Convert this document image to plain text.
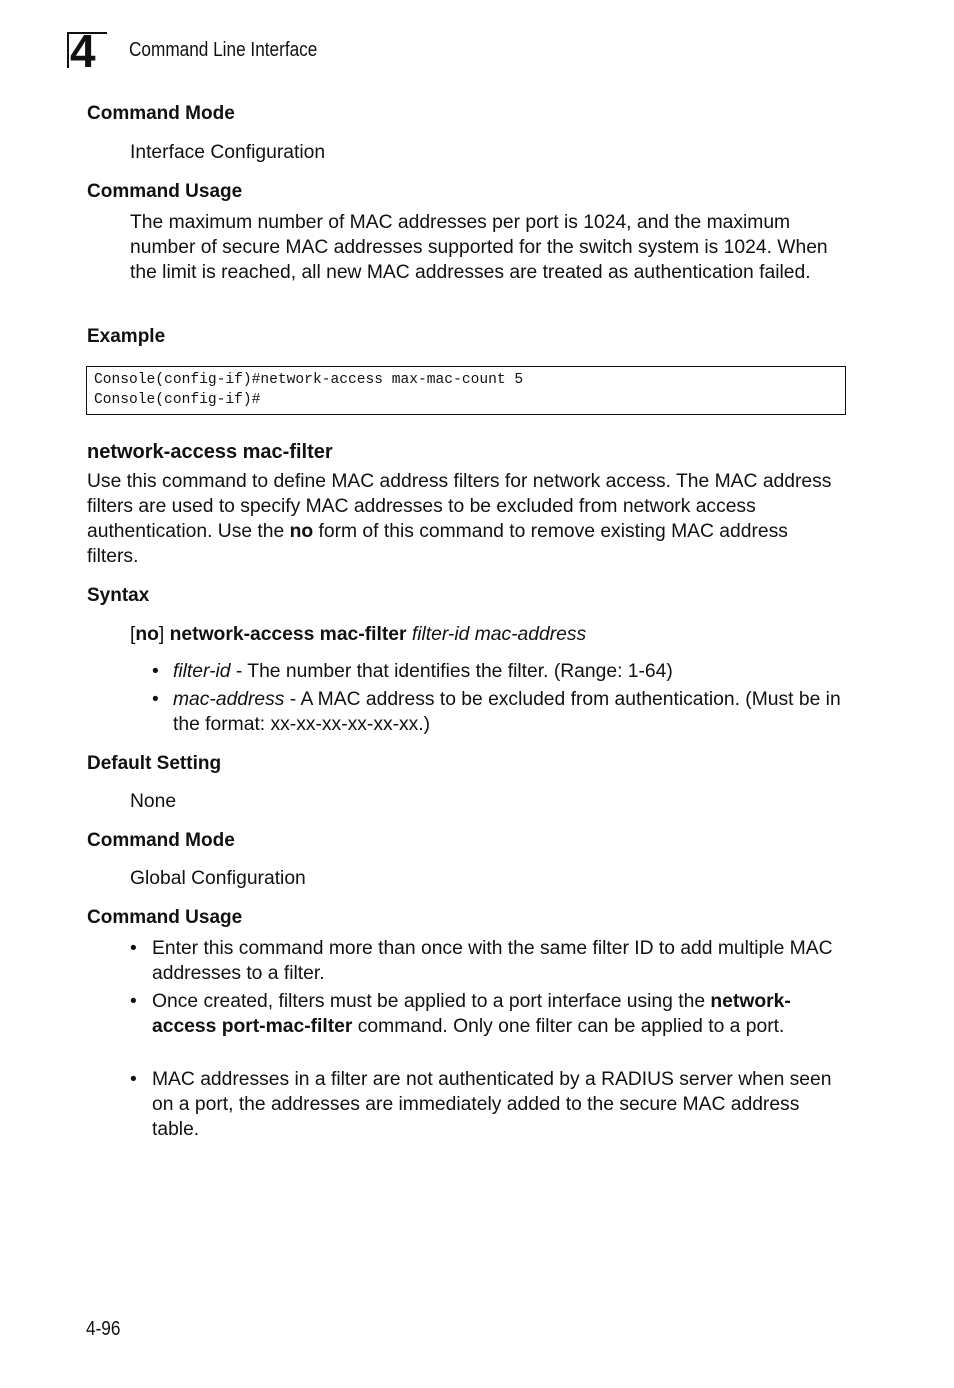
4 Command Line Interface
Command Mode
Interface Configuration
Command Usage
The maximum number of MAC addresses per port is 1024, and the maximum number of secure MAC addresses supported for the switch system is 1024. When the limit is reached, all new MAC addresses are treated as authentication failed.
Example
Console(config-if)#network-access max-mac-count 5
Console(config-if)#
network-access mac-filter
Use this command to define MAC address filters for network access. The MAC address filters are used to specify MAC addresses to be excluded from network access authentication. Use the no form of this command to remove existing MAC address filters.
Syntax
[no] network-access mac-filter filter-id mac-address
• filter-id - The number that identifies the filter. (Range: 1-64)
• mac-address - A MAC address to be excluded from authentication. (Must be in the format: xx-xx-xx-xx-xx-xx.)
Default Setting
None
Command Mode
Global Configuration
Command Usage
• Enter this command more than once with the same filter ID to add multiple MAC addresses to a filter.
• Once created, filters must be applied to a port interface using the network-access port-mac-filter command. Only one filter can be applied to a port.
• MAC addresses in a filter are not authenticated by a RADIUS server when seen on a port, the addresses are immediately added to the secure MAC address table.
4-96
